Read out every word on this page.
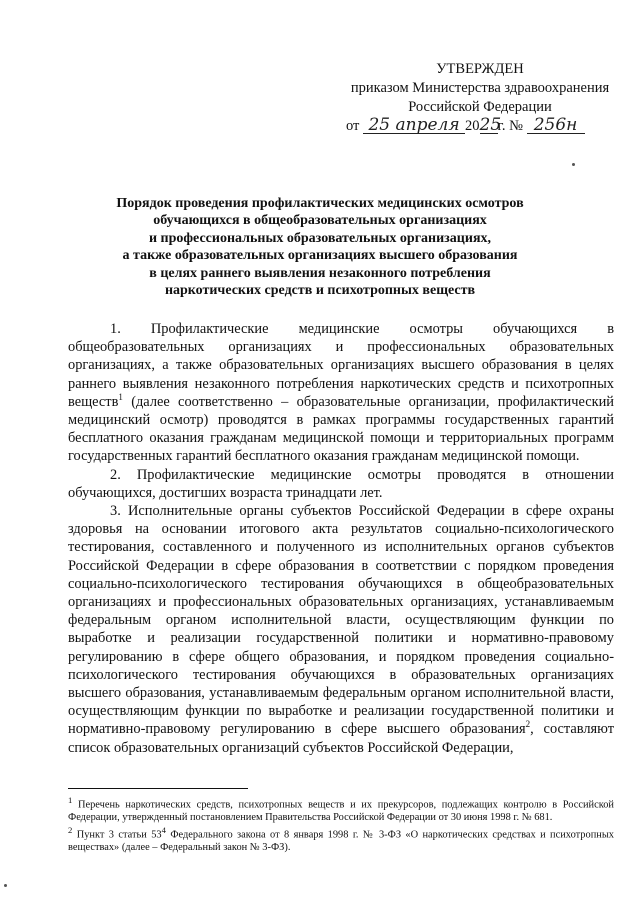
УТВЕРЖДЕН
приказом Министерства здравоохранения
Российской Федерации
от 25 апреля 2025г. № 256н
Порядок проведения профилактических медицинских осмотров
обучающихся в общеобразовательных организациях
и профессиональных образовательных организациях,
а также образовательных организациях высшего образования
в целях раннего выявления незаконного потребления
наркотических средств и психотропных веществ

1. Профилактические медицинские осмотры обучающихся в общеобразовательных организациях и профессиональных образовательных организациях, а также образовательных организациях высшего образования в целях раннего выявления незаконного потребления наркотических средств и психотропных веществ$^1$ (далее соответственно – образовательные организации, профилактический медицинский осмотр) проводятся в рамках программы государственных гарантий бесплатного оказания гражданам медицинской помощи и территориальных программ государственных гарантий бесплатного оказания гражданам медицинской помощи.

2. Профилактические медицинские осмотры проводятся в отношении обучающихся, достигших возраста тринадцати лет.

3. Исполнительные органы субъектов Российской Федерации в сфере охраны здоровья на основании итогового акта результатов социально-психологического тестирования, составленного и полученного из исполнительных органов субъектов Российской Федерации в сфере образования в соответствии с порядком проведения социально-психологического тестирования обучающихся в общеобразовательных организациях и профессиональных образовательных организациях, устанавливаемым федеральным органом исполнительной власти, осуществляющим функции по выработке и реализации государственной политики и нормативно-правовому регулированию в сфере общего образования, и порядком проведения социально-психологического тестирования обучающихся в образовательных организациях высшего образования, устанавливаемым федеральным органом исполнительной власти, осуществляющим функции по выработке и реализации государственной политики и нормативно-правовому регулированию в сфере высшего образования$^2$, составляют список образовательных организаций субъектов Российской Федерации,

$^1$ Перечень наркотических средств, психотропных веществ и их прекурсоров, подлежащих контролю в Российской Федерации, утвержденный постановлением Правительства Российской Федерации от 30 июня 1998 г. № 681.

$^2$ Пункт 3 статьи $53^4$ Федерального закона от 8 января 1998 г. № 3-ФЗ «О наркотических средствах и психотропных веществах» (далее – Федеральный закон № 3-ФЗ).
